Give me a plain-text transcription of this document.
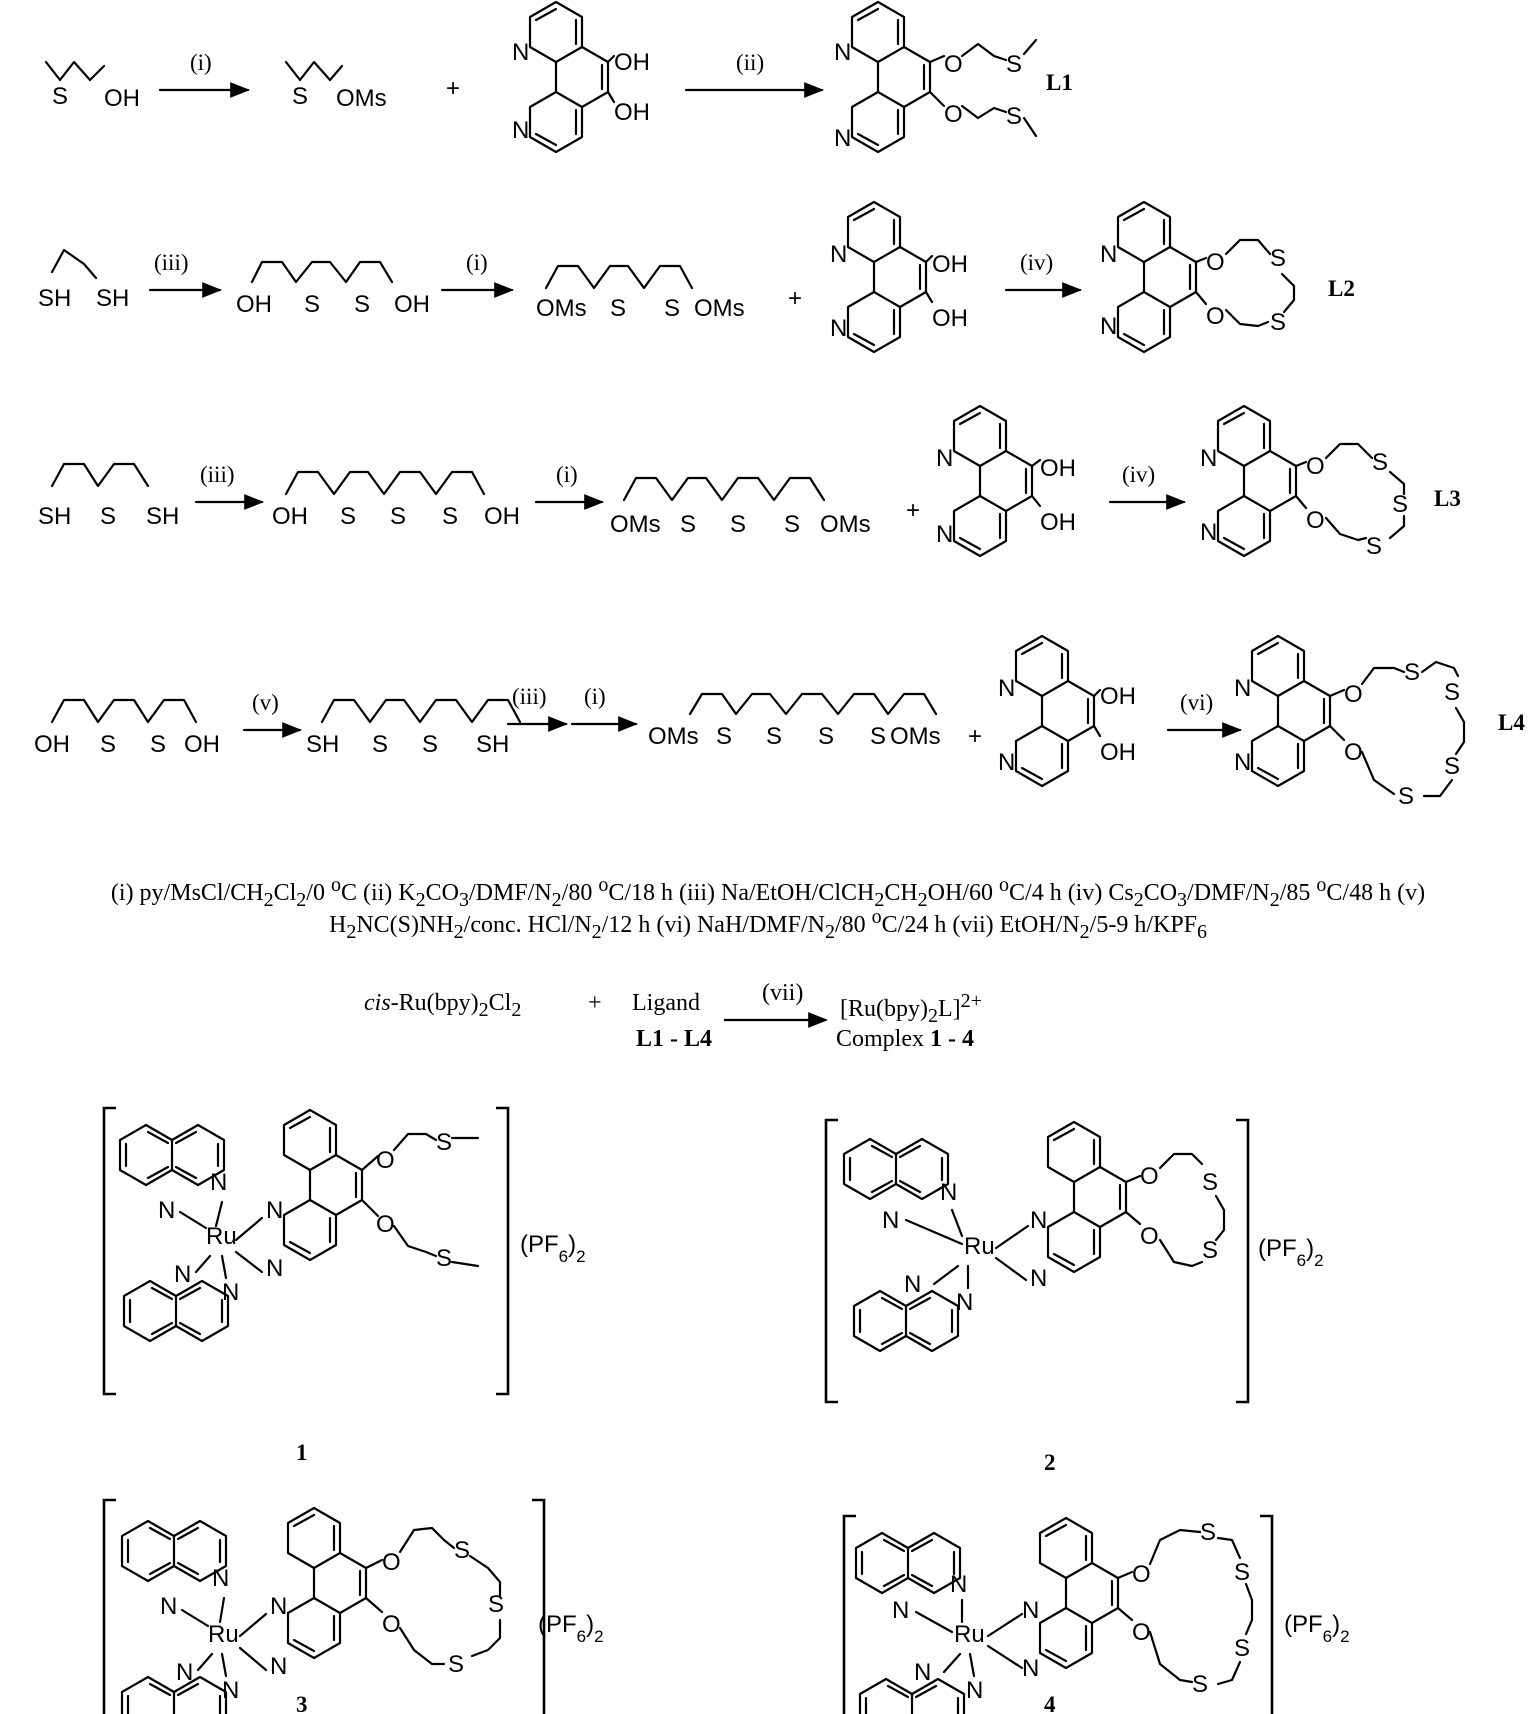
S OH
(i)
S OMs +
N
N
OH
OH
(ii)	N
N
O
O
S
S
L1
SH SH
(iii)
OH S S OH
(i)
OMs S S OMs +
N
N
OH
OH
(iv) N
N
O
O
S
S
L2
SH S SH
(iii)
OH S S S OH
(i)
OMs S S S OMs
+
N
N
OH
OH
(iv)
N
N
O
O
S
S
S
L3
OH S S OH
(v)
SH S S SH
(iii) (i)
OMs S S S S OMs +
N
N
OH
OH
(vi)
N
N
O
O
S
S
S
S
L4
N
N
N
N
Ru
N
N
O
O
S
S
$(PF_6)_2$
1
N
N
N
N
Ru
N
N
O
O
S
S $(PF_6)_2$
2
N
N
N
N
Ru
N
N
O
O
S
S
S
$(PF_6)_2$
3
N
N
N
N
Ru
N
N
O
O
S
S
S
S
$(PF_6)_2$
4
(i) $py/MsCl/CH_2Cl_2/0$ $^o$C (ii) $K_2CO_3/DMF/N_2/80$ $^o$C/18 h (iii) $Na/EtOH/ClCH_2CH_2OH/60$ $^o$C/4 h (iv) $Cs_2CO_3/DMF/N_2/85$ $^o$C/48 h (v)
$H_2NC(S)NH_2$/conc. HCl/$N_2/12$ h (vi) NaH/$DMF/N_2/80$ $^o$C/24 h (vii) EtOH/$N_2/5-9$ $h/KPF_6$
cis-$Ru(bpy)_2Cl_2$	+ Ligand
L1 - L4
(vii)
$[Ru(bpy)_2L]^{2+}$
Complex 1 - 4
